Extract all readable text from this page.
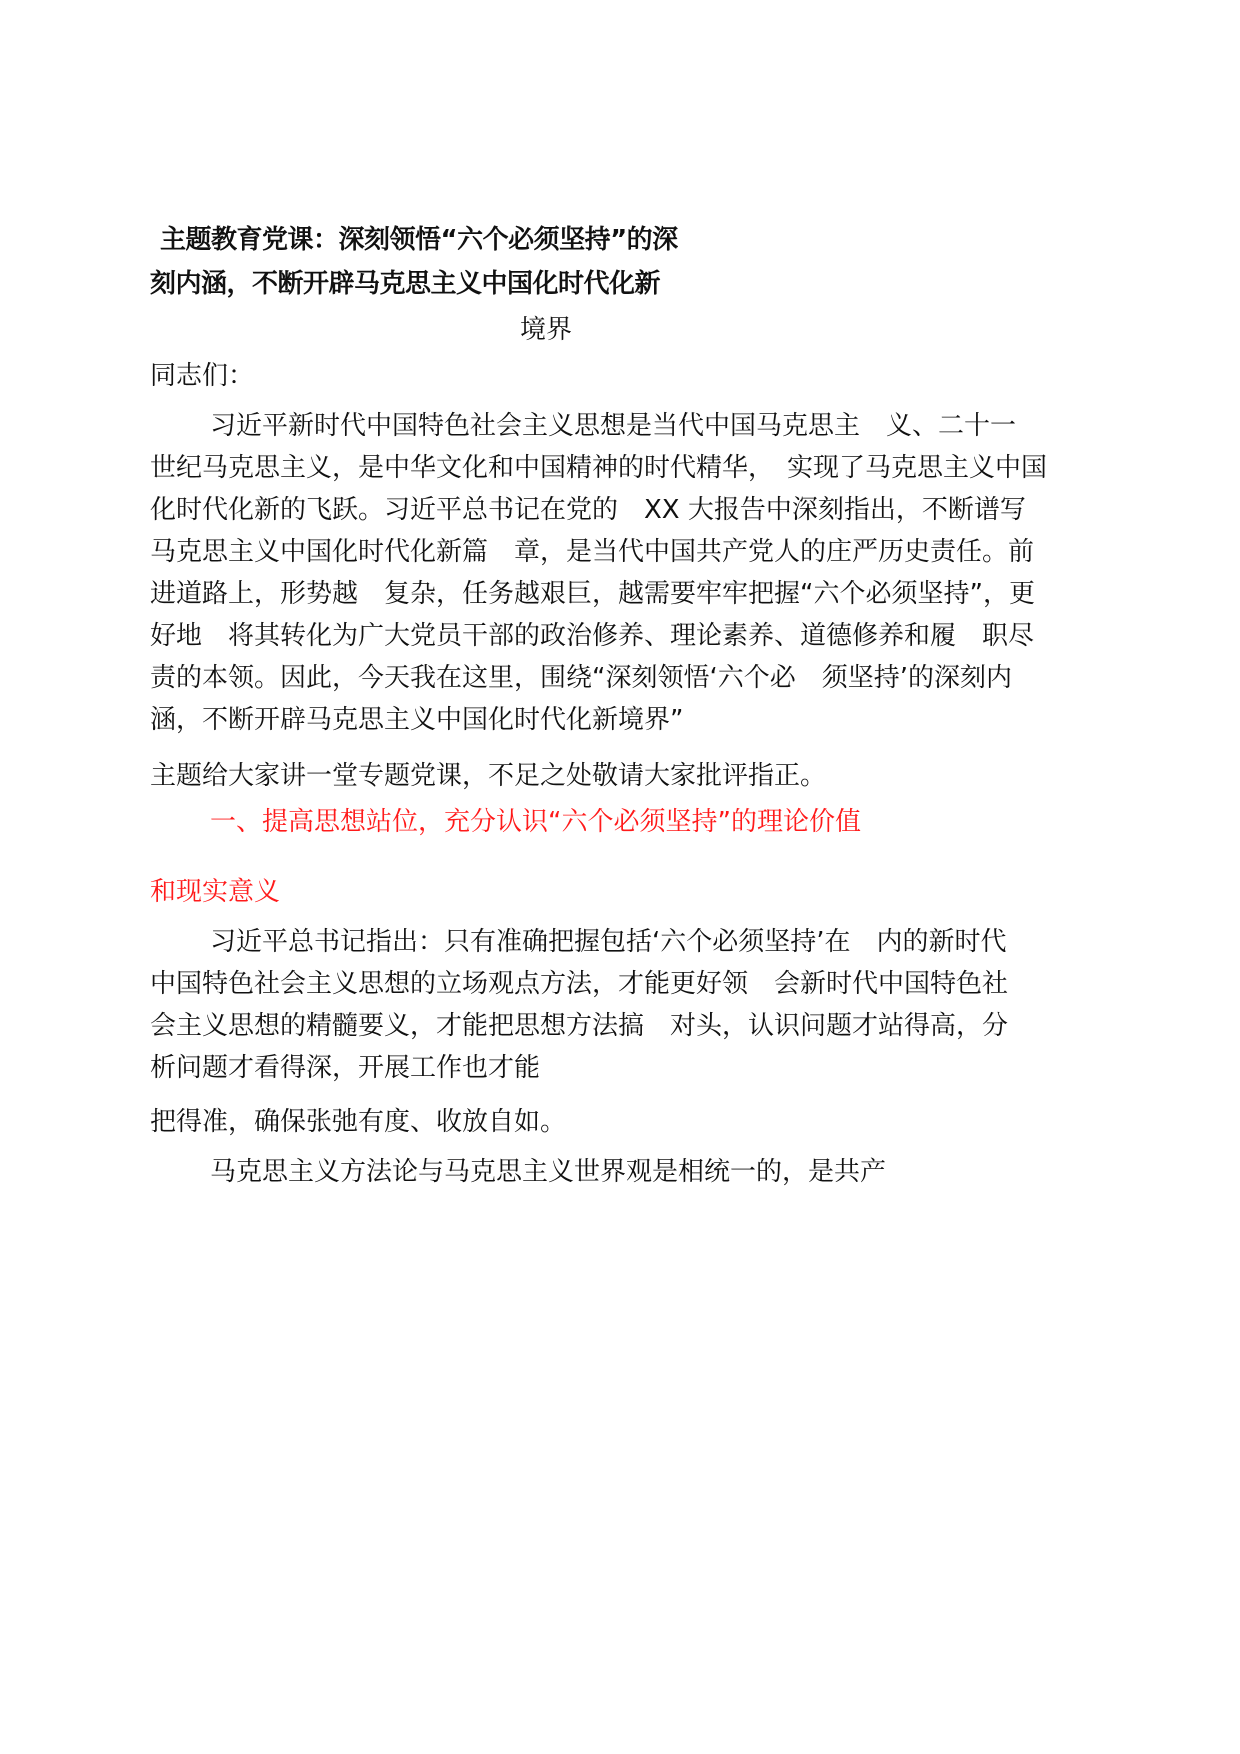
主题教育党课：深刻领悟“六个必须坚持”的深
刻内涵，不断开辟马克思主义中国化时代化新
境界
同志们：
习近平新时代中国特色社会主义思想是当代中国马克思主　义、二十一
世纪马克思主义，是中华文化和中国精神的时代精华，　实现了马克思主义中国
化时代化新的飞跃。习近平总书记在党的　XX 大报告中深刻指出，不断谱写
马克思主义中国化时代化新篇　章，是当代中国共产党人的庄严历史责任。前
进道路上，形势越　复杂，任务越艰巨，越需要牢牢把握“六个必须坚持”，更
好地　将其转化为广大党员干部的政治修养、理论素养、道德修养和履　职尽
责的本领。因此，今天我在这里，围绕“深刻领悟‘六个必　须坚持’的深刻内
涵，不断开辟马克思主义中国化时代化新境界”
主题给大家讲一堂专题党课，不足之处敬请大家批评指正。
一、提高思想站位，充分认识“六个必须坚持”的理论价值
和现实意义
习近平总书记指出：只有准确把握包括‘六个必须坚持’在　内的新时代
中国特色社会主义思想的立场观点方法，才能更好领　会新时代中国特色社
会主义思想的精髓要义，才能把思想方法搞　对头，认识问题才站得高，分
析问题才看得深，开展工作也才能
把得准，确保张弛有度、收放自如。
马克思主义方法论与马克思主义世界观是相统一的，是共产
